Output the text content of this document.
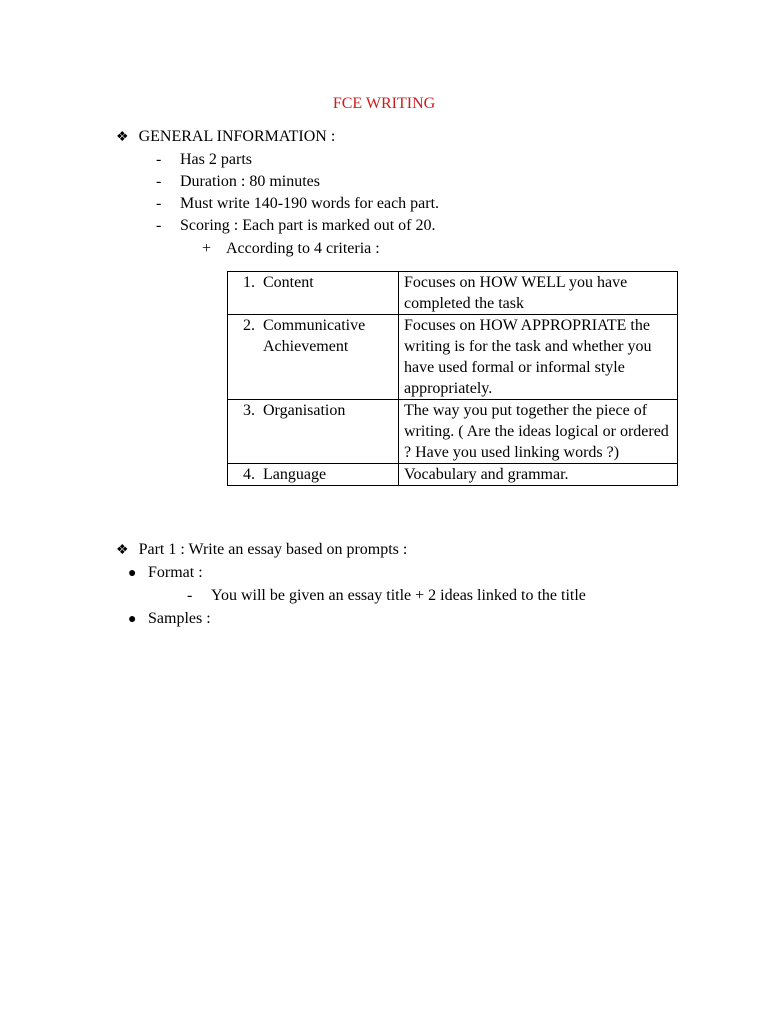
FCE WRITING
❖ GENERAL INFORMATION :
- Has 2 parts
- Duration : 80 minutes
- Must write 140-190 words for each part.
- Scoring : Each part is marked out of 20.
+ According to 4 criteria :
1. Content	Focuses on HOW WELL you have completed the task
2. Communicative Achievement	Focuses on HOW APPROPRIATE the writing is for the task and whether you have used formal or informal style appropriately.
3. Organisation	The way you put together the piece of writing. ( Are the ideas logical or ordered ? Have you used linking words ?)
4. Language	Vocabulary and grammar.
❖ Part 1 : Write an essay based on prompts :
● Format :
- You will be given an essay title + 2 ideas linked to the title
● Samples :
